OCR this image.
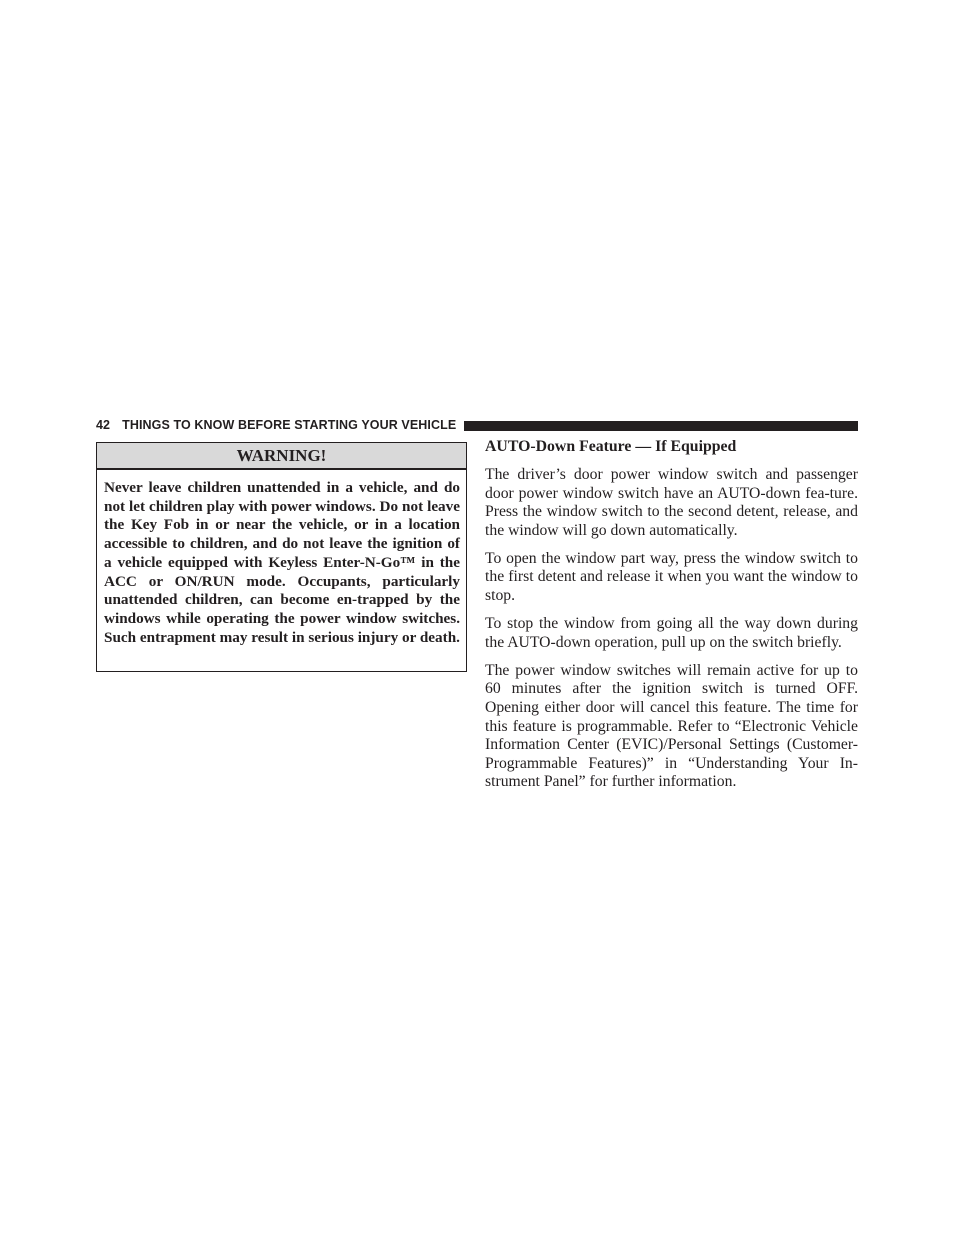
42 THINGS TO KNOW BEFORE STARTING YOUR VEHICLE
WARNING!
Never leave children unattended in a vehicle, and do not let children play with power windows. Do not leave the Key Fob in or near the vehicle, or in a location accessible to children, and do not leave the ignition of a vehicle equipped with Keyless Enter-N-Go™ in the ACC or ON/RUN mode. Occupants, particularly unattended children, can become en-trapped by the windows while operating the power window switches. Such entrapment may result in serious injury or death.
AUTO-Down Feature — If Equipped

The driver’s door power window switch and passenger door power window switch have an AUTO-down fea-ture. Press the window switch to the second detent, release, and the window will go down automatically.

To open the window part way, press the window switch to the first detent and release it when you want the window to stop.

To stop the window from going all the way down during the AUTO-down operation, pull up on the switch briefly.

The power window switches will remain active for up to 60 minutes after the ignition switch is turned OFF. Opening either door will cancel this feature. The time for this feature is programmable. Refer to “Electronic Vehicle Information Center (EVIC)/Personal Settings (Customer-Programmable Features)” in “Understanding Your In-strument Panel” for further information.
